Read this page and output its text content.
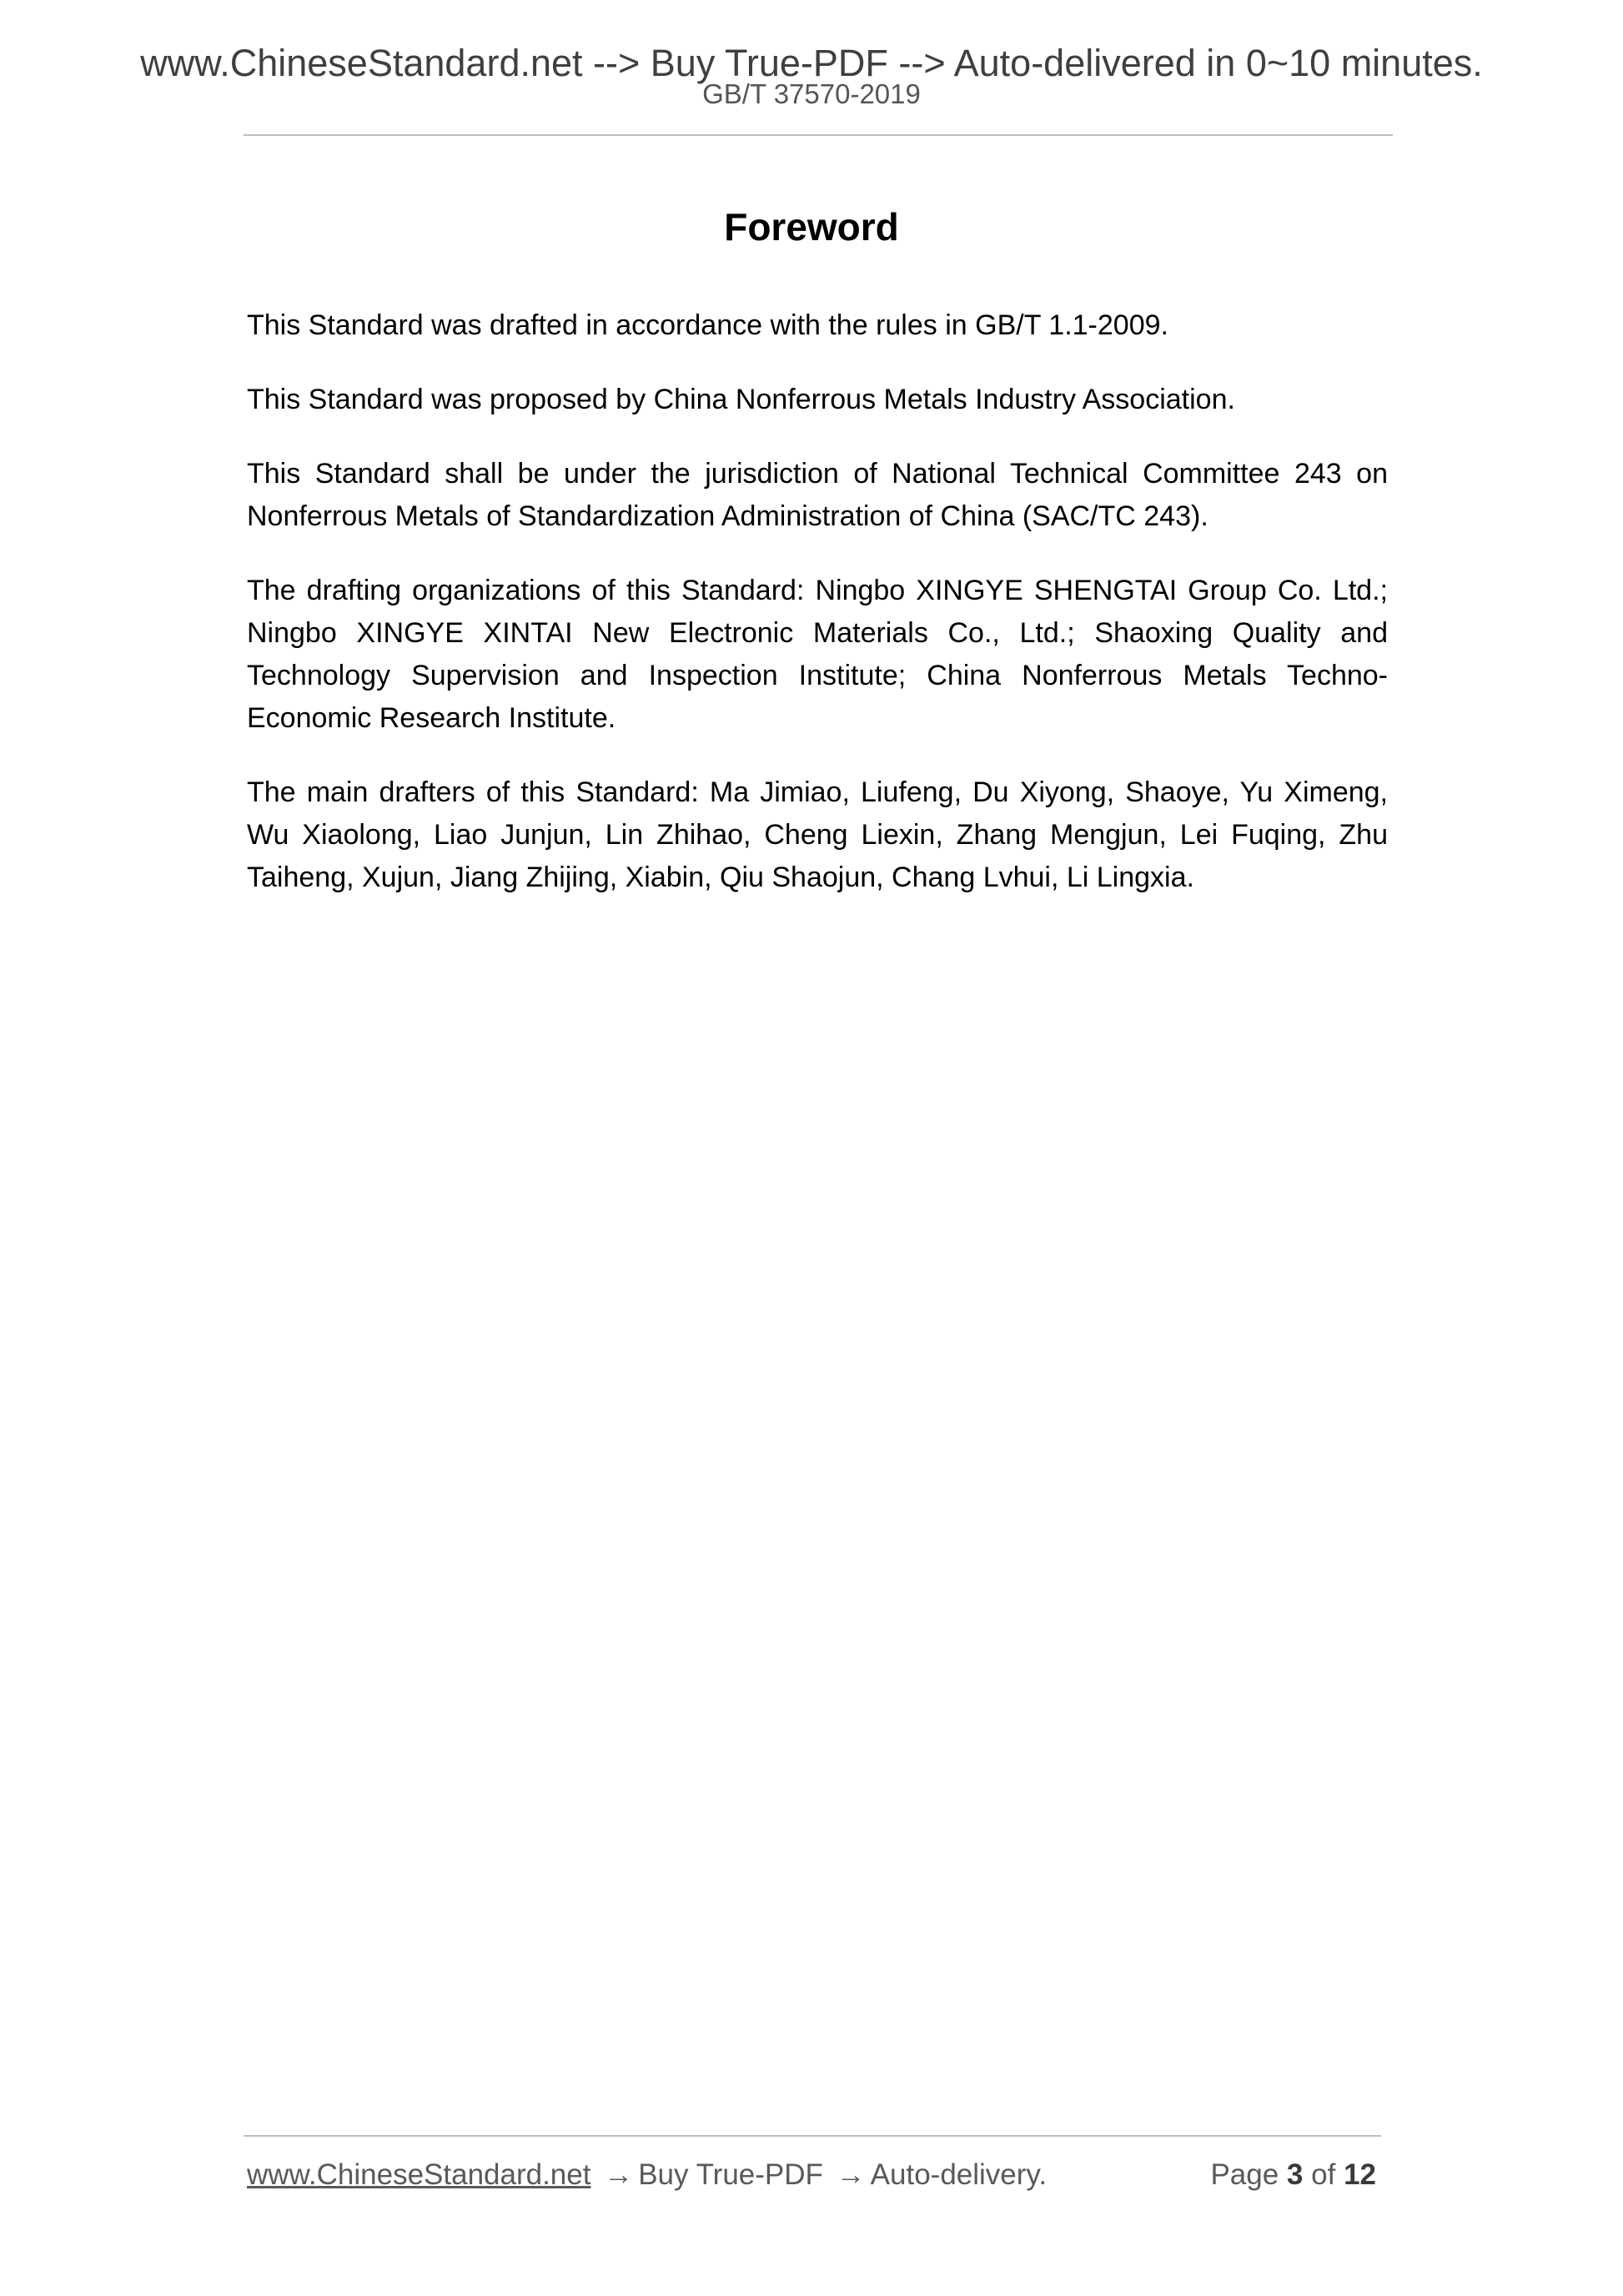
www.ChineseStandard.net --> Buy True-PDF --> Auto-delivered in 0~10 minutes.
GB/T 37570-2019
Foreword

This Standard was drafted in accordance with the rules in GB/T 1.1-2009.

This Standard was proposed by China Nonferrous Metals Industry Association.

This Standard shall be under the jurisdiction of National Technical Committee 243 on Nonferrous Metals of Standardization Administration of China (SAC/TC 243).

The drafting organizations of this Standard: Ningbo XINGYE SHENGTAI Group Co. Ltd.; Ningbo XINGYE XINTAI New Electronic Materials Co., Ltd.; Shaoxing Quality and Technology Supervision and Inspection Institute; China Nonferrous Metals Techno-Economic Research Institute.

The main drafters of this Standard: Ma Jimiao, Liufeng, Du Xiyong, Shaoye, Yu Ximeng, Wu Xiaolong, Liao Junjun, Lin Zhihao, Cheng Liexin, Zhang Mengjun, Lei Fuqing, Zhu Taiheng, Xujun, Jiang Zhijing, Xiabin, Qiu Shaojun, Chang Lvhui, Li Lingxia.

www.ChineseStandard.net → Buy True-PDF → Auto-delivery.	Page 3 of 12
